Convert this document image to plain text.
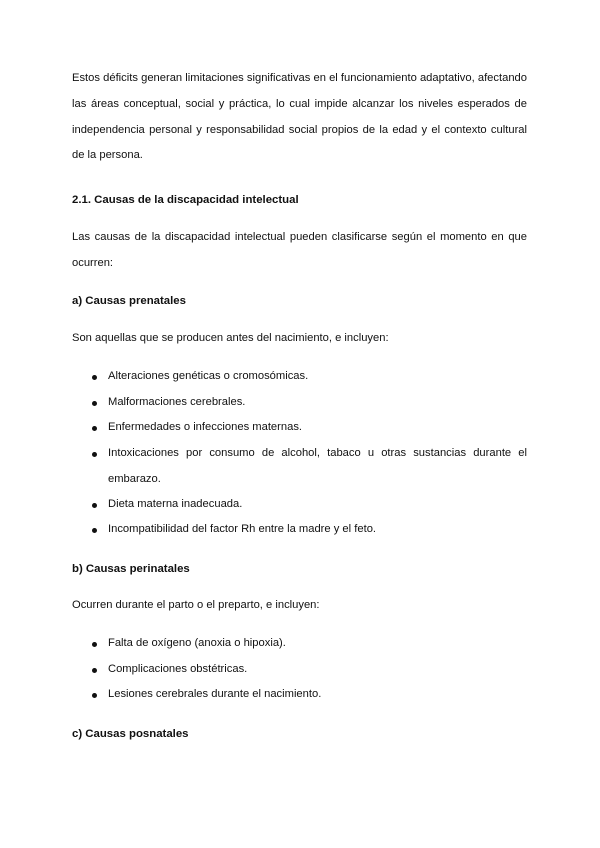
Estos déficits generan limitaciones significativas en el funcionamiento adaptativo, afectando las áreas conceptual, social y práctica, lo cual impide alcanzar los niveles esperados de independencia personal y responsabilidad social propios de la edad y el contexto cultural de la persona.

2.1. Causas de la discapacidad intelectual

Las causas de la discapacidad intelectual pueden clasificarse según el momento en que ocurren:

a) Causas prenatales

Son aquellas que se producen antes del nacimiento, e incluyen:

Alteraciones genéticas o cromosómicas.
Malformaciones cerebrales.
Enfermedades o infecciones maternas.
Intoxicaciones por consumo de alcohol, tabaco u otras sustancias durante el embarazo.
Dieta materna inadecuada.
Incompatibilidad del factor Rh entre la madre y el feto.
b) Causas perinatales

Ocurren durante el parto o el preparto, e incluyen:

Falta de oxígeno (anoxia o hipoxia).
Complicaciones obstétricas.
Lesiones cerebrales durante el nacimiento.
c) Causas posnatales
